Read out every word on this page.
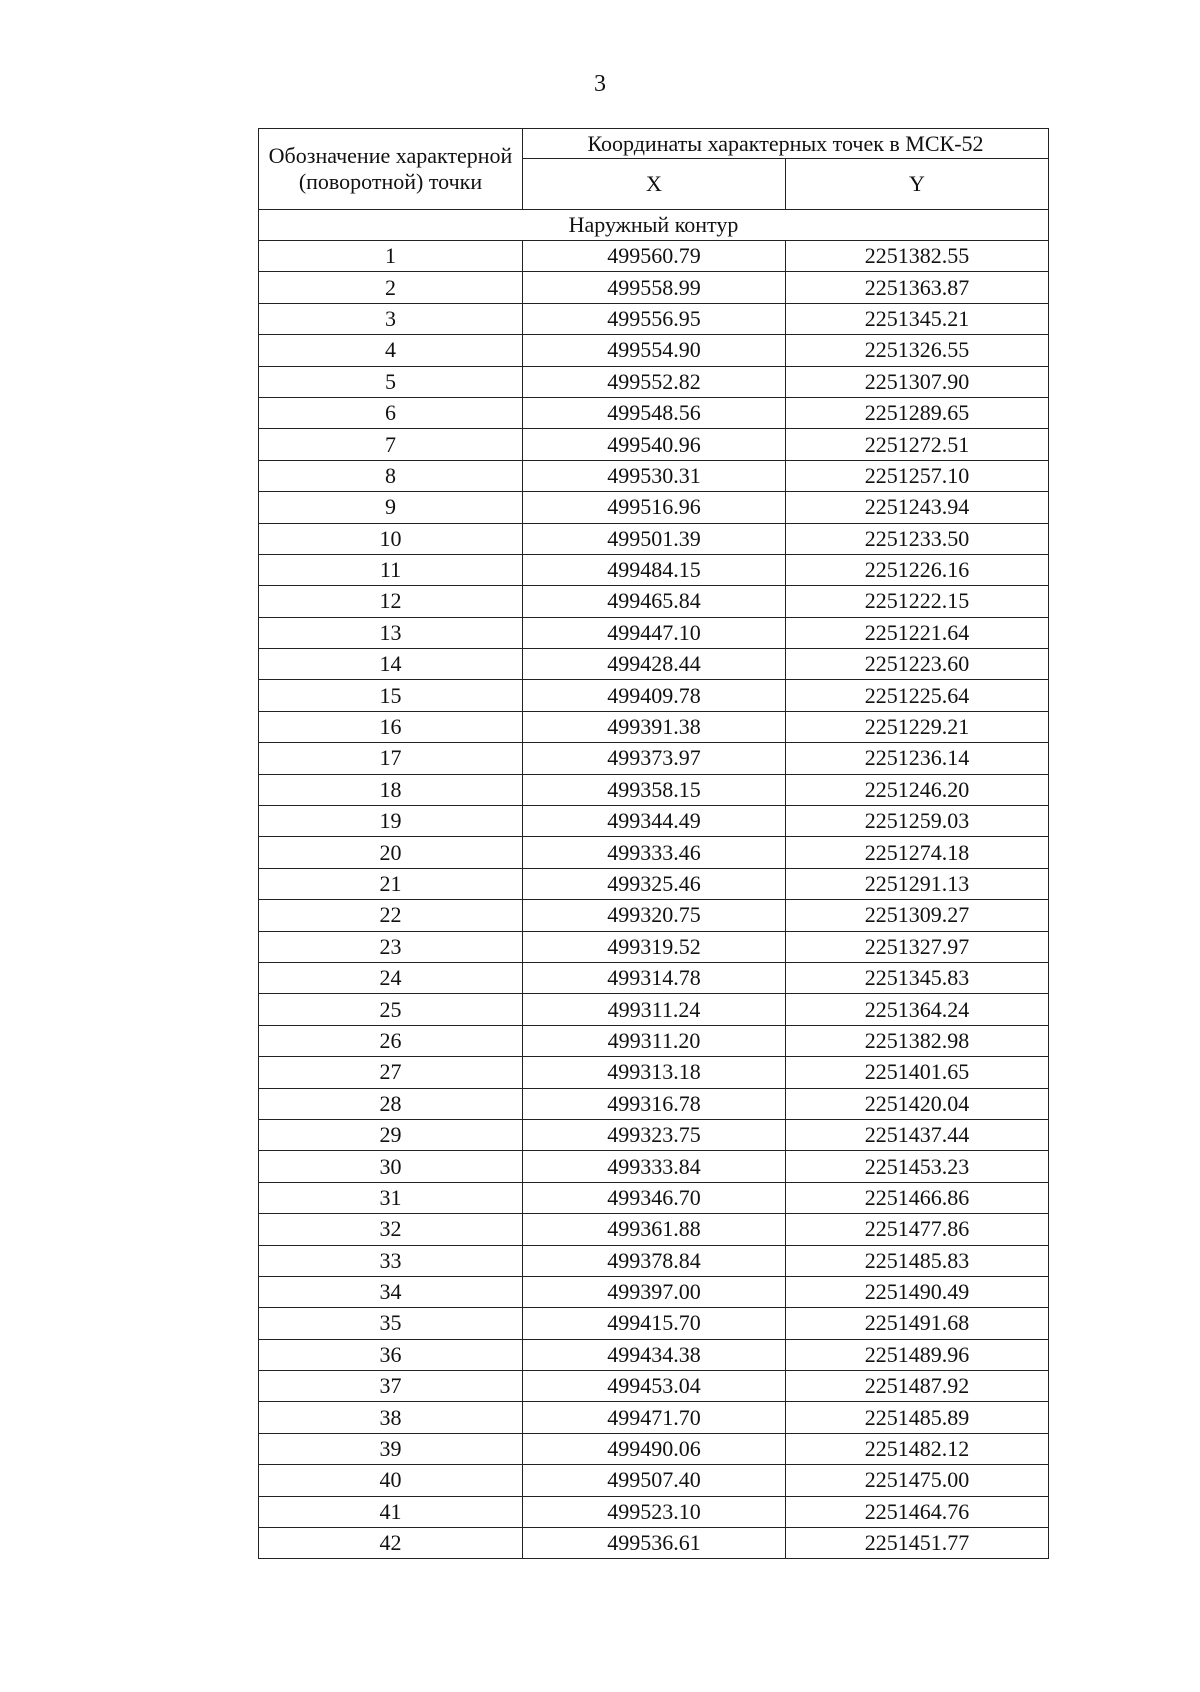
3
Обозначение характерной (поворотной) точки	Координаты характерных точек в МСК-52	
	X	Y
Наружный контур		
1	499560.79	2251382.55
2	499558.99	2251363.87
3	499556.95	2251345.21
4	499554.90	2251326.55
5	499552.82	2251307.90
6	499548.56	2251289.65
7	499540.96	2251272.51
8	499530.31	2251257.10
9	499516.96	2251243.94
10	499501.39	2251233.50
11	499484.15	2251226.16
12	499465.84	2251222.15
13	499447.10	2251221.64
14	499428.44	2251223.60
15	499409.78	2251225.64
16	499391.38	2251229.21
17	499373.97	2251236.14
18	499358.15	2251246.20
19	499344.49	2251259.03
20	499333.46	2251274.18
21	499325.46	2251291.13
22	499320.75	2251309.27
23	499319.52	2251327.97
24	499314.78	2251345.83
25	499311.24	2251364.24
26	499311.20	2251382.98
27	499313.18	2251401.65
28	499316.78	2251420.04
29	499323.75	2251437.44
30	499333.84	2251453.23
31	499346.70	2251466.86
32	499361.88	2251477.86
33	499378.84	2251485.83
34	499397.00	2251490.49
35	499415.70	2251491.68
36	499434.38	2251489.96
37	499453.04	2251487.92
38	499471.70	2251485.89
39	499490.06	2251482.12
40	499507.40	2251475.00
41	499523.10	2251464.76
42	499536.61	2251451.77
